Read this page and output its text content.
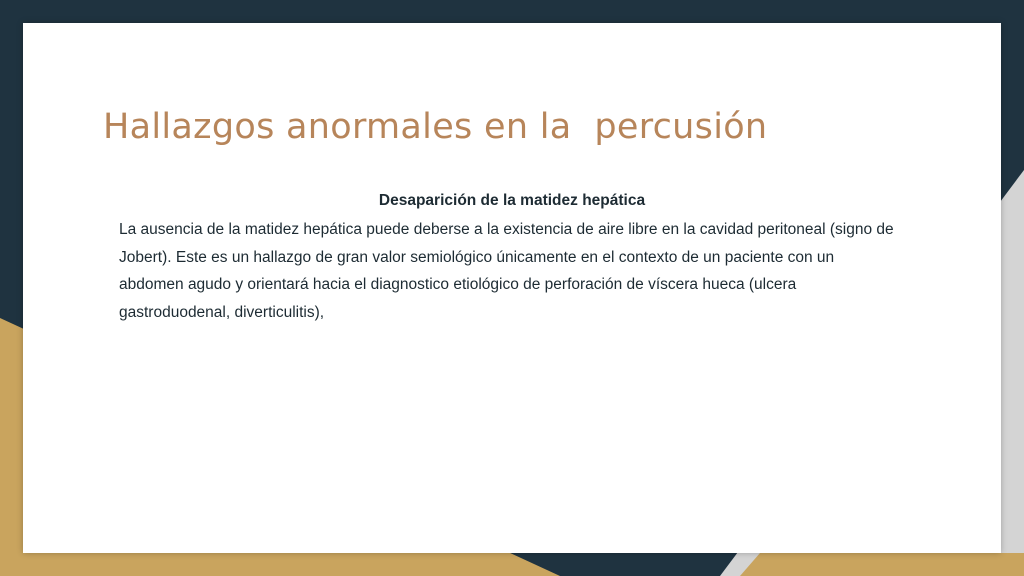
Hallazgos anormales en la  percusión

Desaparición de la matidez hepática

La ausencia de la matidez hepática puede deberse a la existencia de aire libre en la cavidad peritoneal (signo de Jobert). Este es un hallazgo de gran valor semiológico únicamente en el contexto de un paciente con un abdomen agudo y orientará hacia el diagnostico etiológico de perforación de víscera hueca (ulcera gastroduodenal, diverticulitis),
